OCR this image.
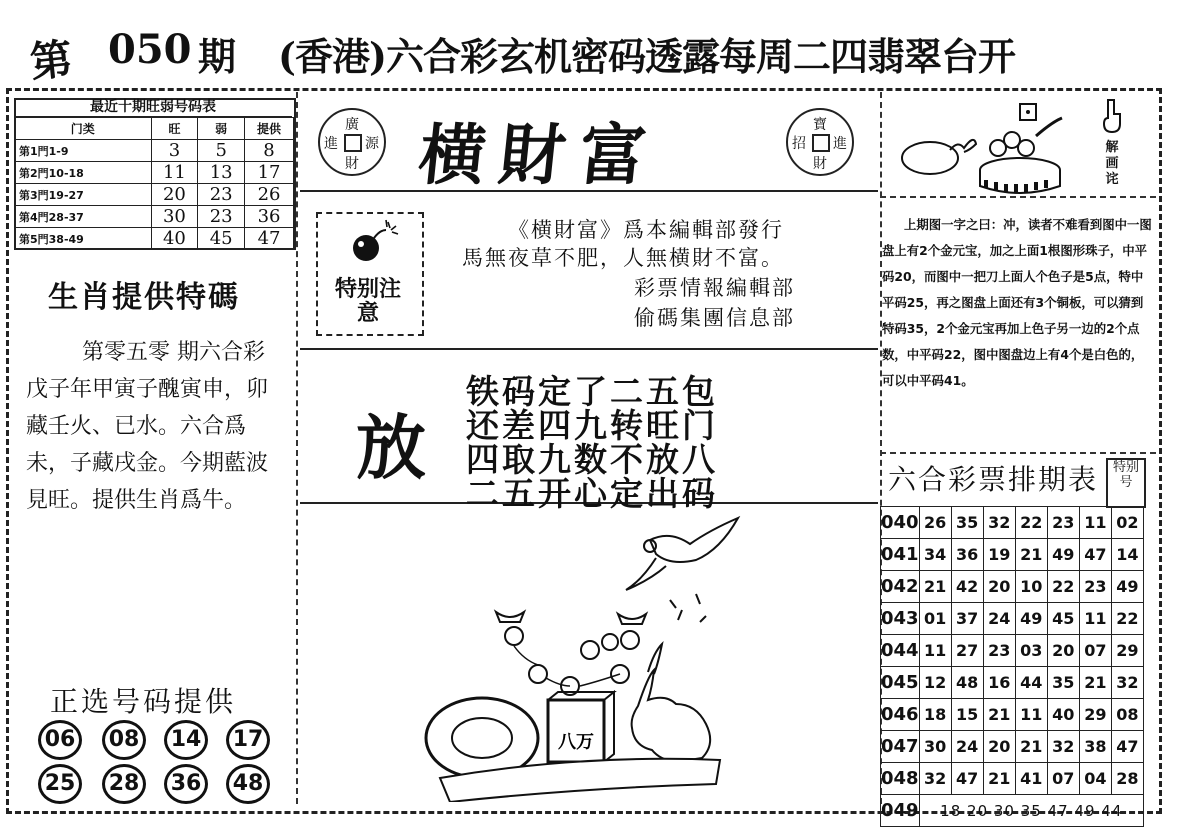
第 050 期 (香港)六合彩玄机密码透露每周二四翡翠台开
最近十期旺弱号码表
门类	旺	弱	提供
第1門1-9	3	5	8
第2門10-18	11	13	17
第3門19-27	20	23	26
第4門28-37	30	23	36
第5門38-49	40	45	47
生肖提供特碼
第零五零 期六合彩戊子年甲寅子醜寅申，卯藏壬火、已水。六合爲未，子藏戌金。今期藍波見旺。提供生肖爲牛。
正选号码提供
06	08	14	17
25	28	36	48
廣
進 源
財 横財富	寶
招 進
財
特别注意
《横財富》爲本編輯部發行
馬無夜草不肥，人無横財不富。
彩票情報編輯部
偷碼集團信息部
放
铁码定了二五包
还差四九转旺门
四取九数不放八
二五开心定出码
八万
解画诧
上期图一字之曰：冲，读者不难看到图中一图盘上有2个金元宝，加之上面1根图形珠子，中平码20，而图中一把刀上面人个色子是5点，特中平码25，再之图盘上面还有3个铜板，可以猜到特码35，2个金元宝再加上色子另一边的2个点数，中平码22，图中图盘边上有4个是白色的，可以中平码41。
六合彩票排期表	特别号
040	26	35	32	22	23	11	02
041	34	36	19	21	49	47	14
042	21	42	20	10	22	23	49
043	01	37	24	49	45	11	22
044	11	27	23	03	20	07	29
045	12	48	16	44	35	21	32
046	18	15	21	11	40	29	08
047	30	24	20	21	32	38	47
048	32	47	21	41	07	04	28
049	18 20 30 35 47 49 44						
